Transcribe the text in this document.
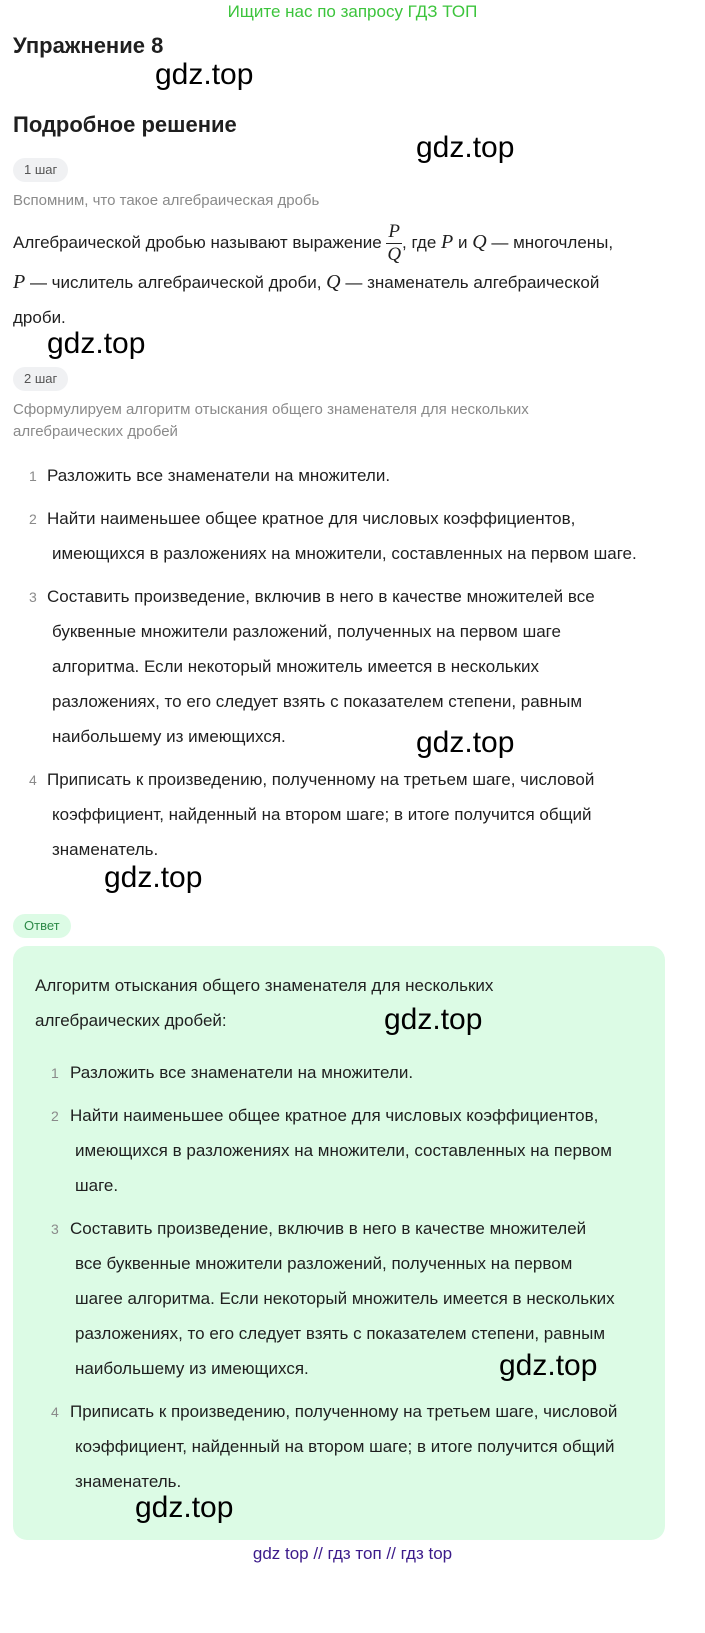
Ищите нас по запросу ГДЗ ТОП
Упражнение 8
gdz.top
Подробное решение
gdz.top
1 шаг
Вспомним, что такое алгебраическая дробь
Алгебраической дробью называют выражение $\frac{P}{Q}$ , где P и Q — многочлены,
P — числитель алгебраической дроби, Q — знаменатель алгебраической
дроби.
gdz.top
2 шаг
Сформулируем алгоритм отыскания общего знаменателя для нескольких
алгебраических дробей
1 Разложить все знаменатели на множители.
2 Найти наименьшее общее кратное для числовых коэффициентов,
имеющихся в разложениях на множители, составленных на первом шаге.
3 Составить произведение, включив в него в качестве множителей все
буквенные множители разложений, полученных на первом шаге
алгоритма. Если некоторый множитель имеется в нескольких
разложениях, то его следует взять с показателем степени, равным
наибольшему из имеющихся.
4 Приписать к произведению, полученному на третьем шаге, числовой
коэффициент, найденный на втором шаге; в итоге получится общий
знаменатель.
gdz.top
gdz.top
Ответ
Алгоритм отыскания общего знаменателя для нескольких
алгебраических дробей:	gdz.top
1 Разложить все знаменатели на множители.
2 Найти наименьшее общее кратное для числовых коэффициентов,
имеющихся в разложениях на множители, составленных на первом
шаге.
3 Составить произведение, включив в него в качестве множителей
все буквенные множители разложений, полученных на первом
шагее алгоритма. Если некоторый множитель имеется в нескольких
разложениях, то его следует взять с показателем степени, равным
наибольшему из имеющихся.
4 Приписать к произведению, полученному на третьем шаге, числовой
коэффициент, найденный на втором шаге; в итоге получится общий
знаменатель.
gdz.top
gdz.top
gdz top // гдз топ // гдз top
